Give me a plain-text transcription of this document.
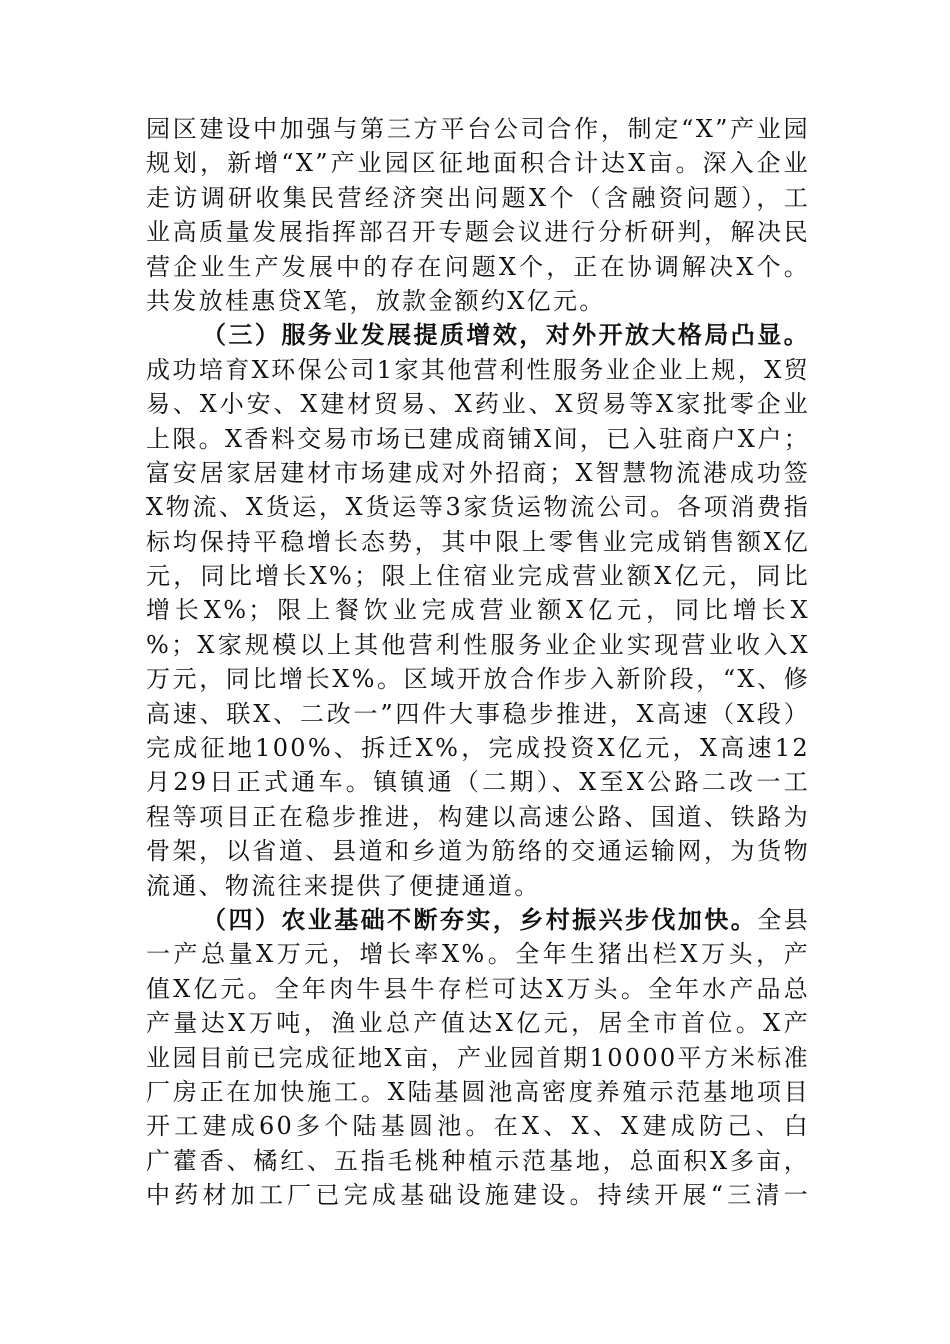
园区建设中加强与第三方平台公司合作，制定“X”产业园
规划，新增“X”产业园区征地面积合计达X亩。深入企业
走访调研收集民营经济突出问题X个（含融资问题），工
业高质量发展指挥部召开专题会议进行分析研判，解决民
营企业生产发展中的存在问题X个，正在协调解决X个。
共发放桂惠贷X笔，放款金额约X亿元。
（三）服务业发展提质增效，对外开放大格局凸显。
成功培育X环保公司1家其他营利性服务业企业上规，X贸
易、X小安、X建材贸易、X药业、X贸易等X家批零企业
上限。X香料交易市场已建成商铺X间，已入驻商户X户；
富安居家居建材市场建成对外招商；X智慧物流港成功签
X物流、X货运，X货运等3家货运物流公司。各项消费指
标均保持平稳增长态势，其中限上零售业完成销售额X亿
元，同比增长X%；限上住宿业完成营业额X亿元，同比
增长X%；限上餐饮业完成营业额X亿元，同比增长X
%；X家规模以上其他营利性服务业企业实现营业收入X
万元，同比增长X%。区域开放合作步入新阶段，“X、修
高速、联X、二改一”四件大事稳步推进，X高速（X段）
完成征地100%、拆迁X%，完成投资X亿元，X高速12
月29日正式通车。镇镇通（二期）、X至X公路二改一工
程等项目正在稳步推进，构建以高速公路、国道、铁路为
骨架，以省道、县道和乡道为筋络的交通运输网，为货物
流通、物流往来提供了便捷通道。
（四）农业基础不断夯实，乡村振兴步伐加快。全县
一产总量X万元，增长率X%。全年生猪出栏X万头，产
值X亿元。全年肉牛县牛存栏可达X万头。全年水产品总
产量达X万吨，渔业总产值达X亿元，居全市首位。X产
业园目前已完成征地X亩，产业园首期10000平方米标准
厂房正在加快施工。X陆基圆池高密度养殖示范基地项目
开工建成60多个陆基圆池。在X、X、X建成防己、白
广藿香、橘红、五指毛桃种植示范基地，总面积X多亩，
中药材加工厂已完成基础设施建设。持续开展“三清一
